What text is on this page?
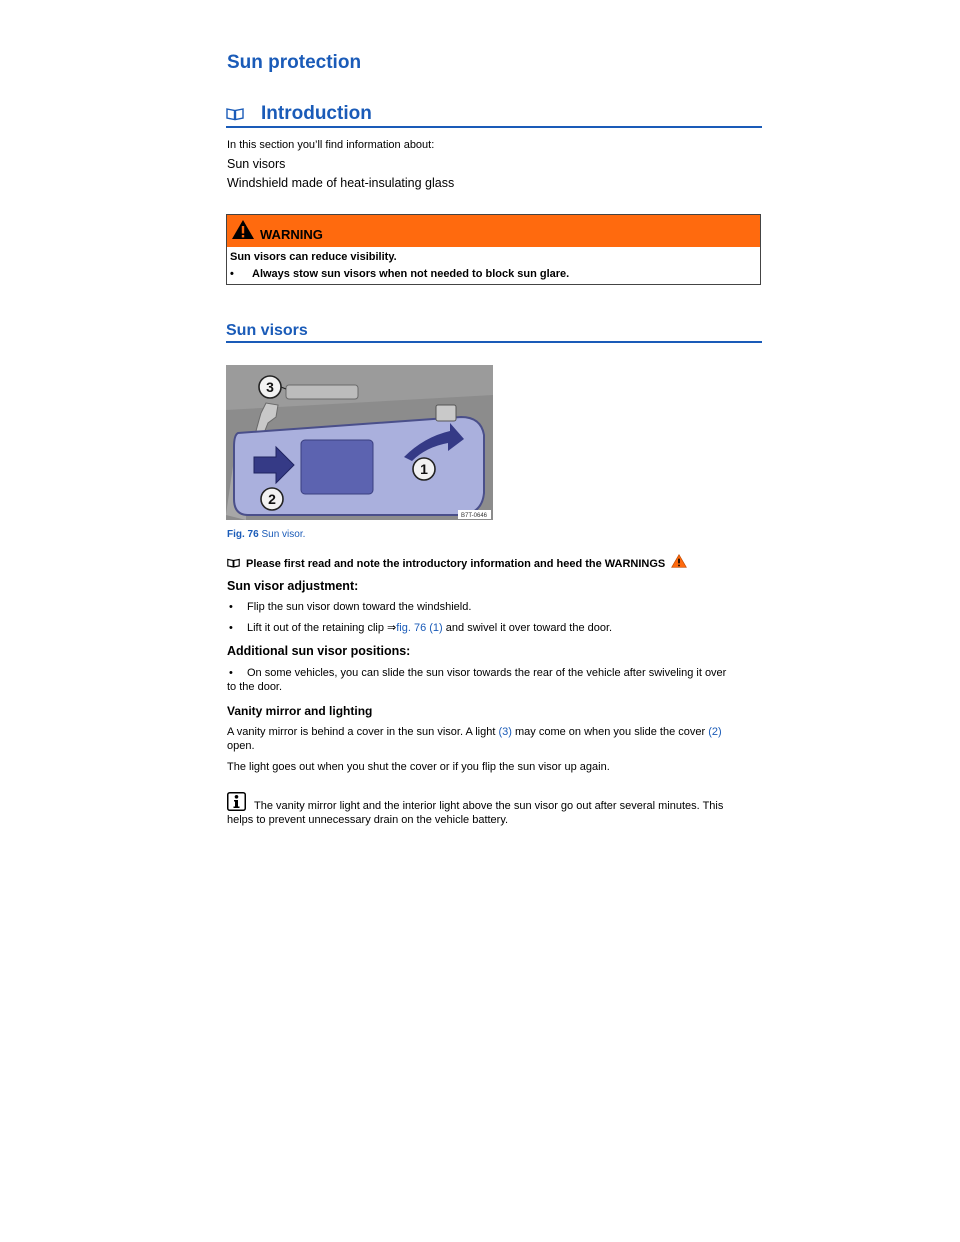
Sun protection
Introduction
In this section you’ll find information about:
Sun visors
Windshield made of heat-insulating glass
WARNING
Sun visors can reduce visibility.
• Always stow sun visors when not needed to block sun glare.
Sun visors
1
2
3
B7T-0646
Fig. 76 Sun visor.
Please first read and note the introductory information and heed the WARNINGS
Sun visor adjustment:
• Flip the sun visor down toward the windshield.
• Lift it out of the retaining clip ⇒fig. 76 (1) and swivel it over toward the door.
Additional sun visor positions:
• On some vehicles, you can slide the sun visor towards the rear of the vehicle after swiveling it over
to the door.
Vanity mirror and lighting
A vanity mirror is behind a cover in the sun visor. A light (3) may come on when you slide the cover (2)
open.
The light goes out when you shut the cover or if you flip the sun visor up again.
The vanity mirror light and the interior light above the sun visor go out after several minutes. This
helps to prevent unnecessary drain on the vehicle battery.
